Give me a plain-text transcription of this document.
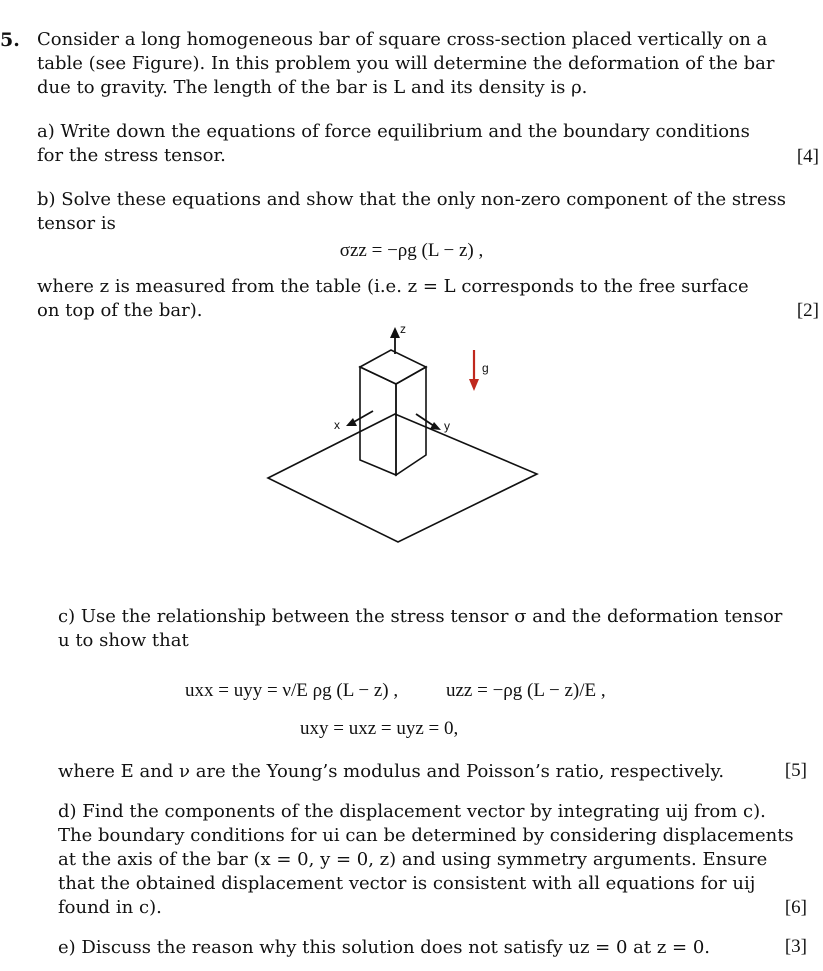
5. Consider a long homogeneous bar of square cross-section placed vertically on a
table (see Figure). In this problem you will determine the deformation of the bar
due to gravity. The length of the bar is L and its density is ρ.
a) Write down the equations of force equilibrium and the boundary conditions
for the stress tensor.	[4]
b) Solve these equations and show that the only non-zero component of the stress
tensor is
σzz = −ρg (L − z) ,
where z is measured from the table (i.e. z = L corresponds to the free surface
on top of the bar).	[2]
z
x	y
g
c) Use the relationship between the stress tensor σ and the deformation tensor
u to show that
uxx = uyy = ν/E ρg (L − z) ,	uzz = −ρg (L − z)/E ,
uxy = uxz = uyz = 0,
where E and ν are the Young’s modulus and Poisson’s ratio, respectively.	[5]
d) Find the components of the displacement vector by integrating uij from c).
The boundary conditions for ui can be determined by considering displacements
at the axis of the bar (x = 0, y = 0, z) and using symmetry arguments. Ensure
that the obtained displacement vector is consistent with all equations for uij
found in c).	[6]
e) Discuss the reason why this solution does not satisfy uz = 0 at z = 0.	[3]
